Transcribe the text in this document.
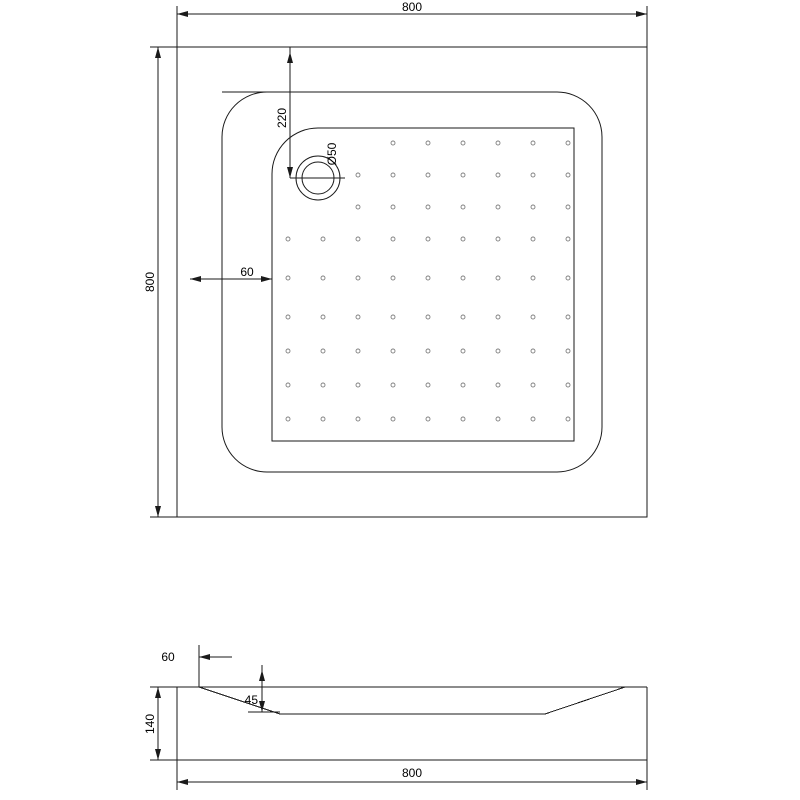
800
800
220
60
Ø50
60
45
140
800
